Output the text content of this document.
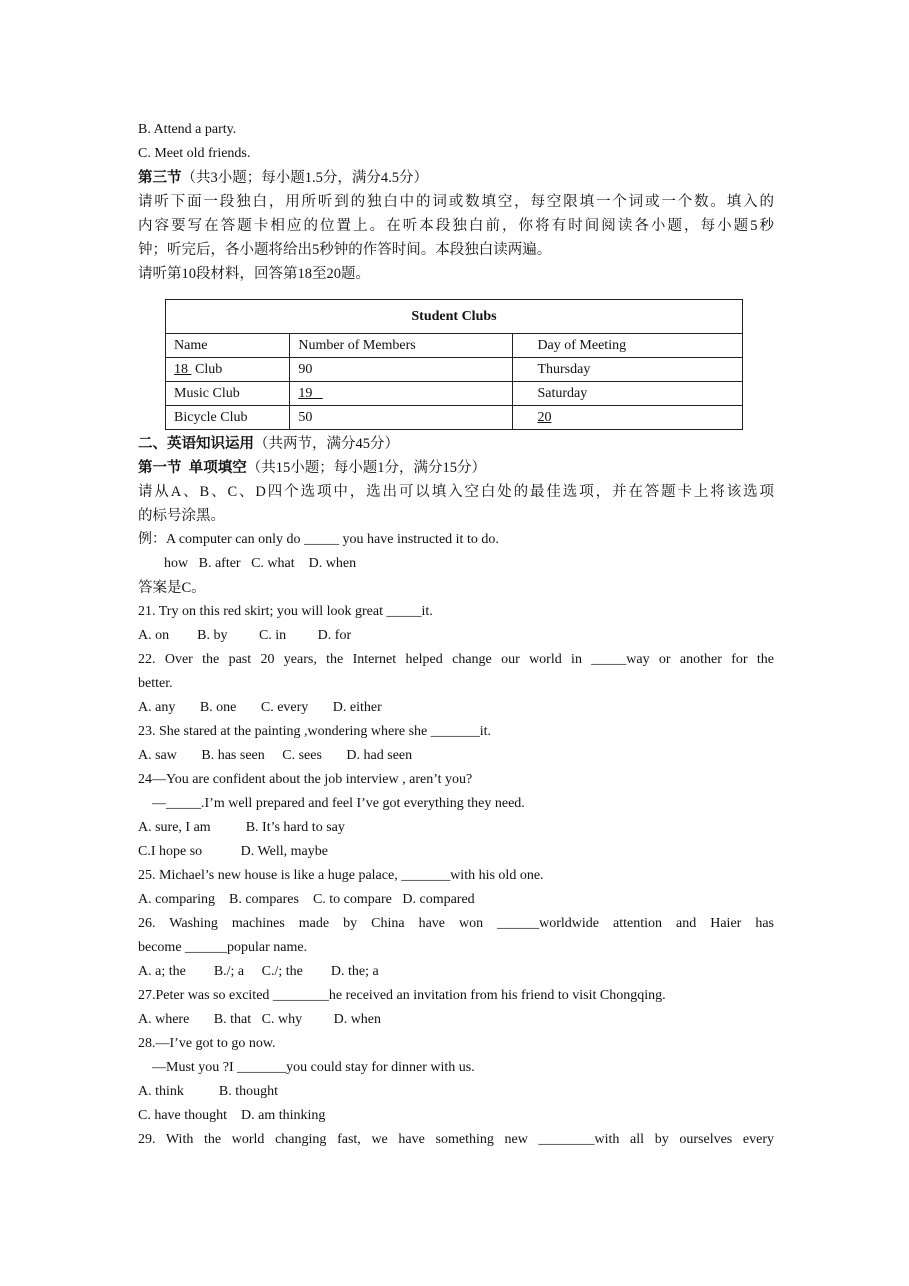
B. Attend a party.
C. Meet old friends.
第三节（共3小题；每小题1.5分，满分4.5分）
请听下面一段独白，用所听到的独白中的词或数填空，每空限填一个词或一个数。填入的
内容要写在答题卡相应的位置上。在听本段独白前，你将有时间阅读各小题，每小题5秒
钟；听完后，各小题将给出5秒钟的作答时间。本段独白读两遍。
请听第10段材料，回答第18至20题。
Student Clubs		
Name	Number of Members	Day of Meeting
18  Club	90	Thursday
Music Club	19	Saturday
Bicycle Club	50	20
二、英语知识运用（共两节，满分45分）
第一节  单项填空（共15小题；每小题1分，满分15分）
请从A、B、C、D四个选项中，选出可以填入空白处的最佳选项，并在答题卡上将该选项
的标号涂黑。
例：A computer can only do _____ you have instructed it to do.
how   B. after   C. what    D. when
答案是C。
21. Try on this red skirt; you will look great _____it.
A. on        B. by         C. in         D. for
22. Over the past 20 years, the Internet helped change our world in _____way or another for the
better.
A. any       B. one       C. every       D. either
23. She stared at the painting ,wondering where she _______it.
A. saw       B. has seen     C. sees       D. had seen
24—You are confident about the job interview , aren’t you?
—_____.I’m well prepared and feel I’ve got everything they need.
A. sure, I am          B. It’s hard to say
C.I hope so           D. Well, maybe
25. Michael’s new house is like a huge palace, _______with his old one.
A. comparing    B. compares    C. to compare   D. compared
26. Washing machines made by China have won ______worldwide attention and Haier has
become ______popular name.
A. a; the        B./; a     C./; the        D. the; a
27.Peter was so excited ________he received an invitation from his friend to visit Chongqing.
A. where       B. that   C. why         D. when
28.—I’ve got to go now.
—Must you ?I _______you could stay for dinner with us.
A. think          B. thought
C. have thought    D. am thinking
29. With the world changing fast, we have something new ________with all by ourselves every
